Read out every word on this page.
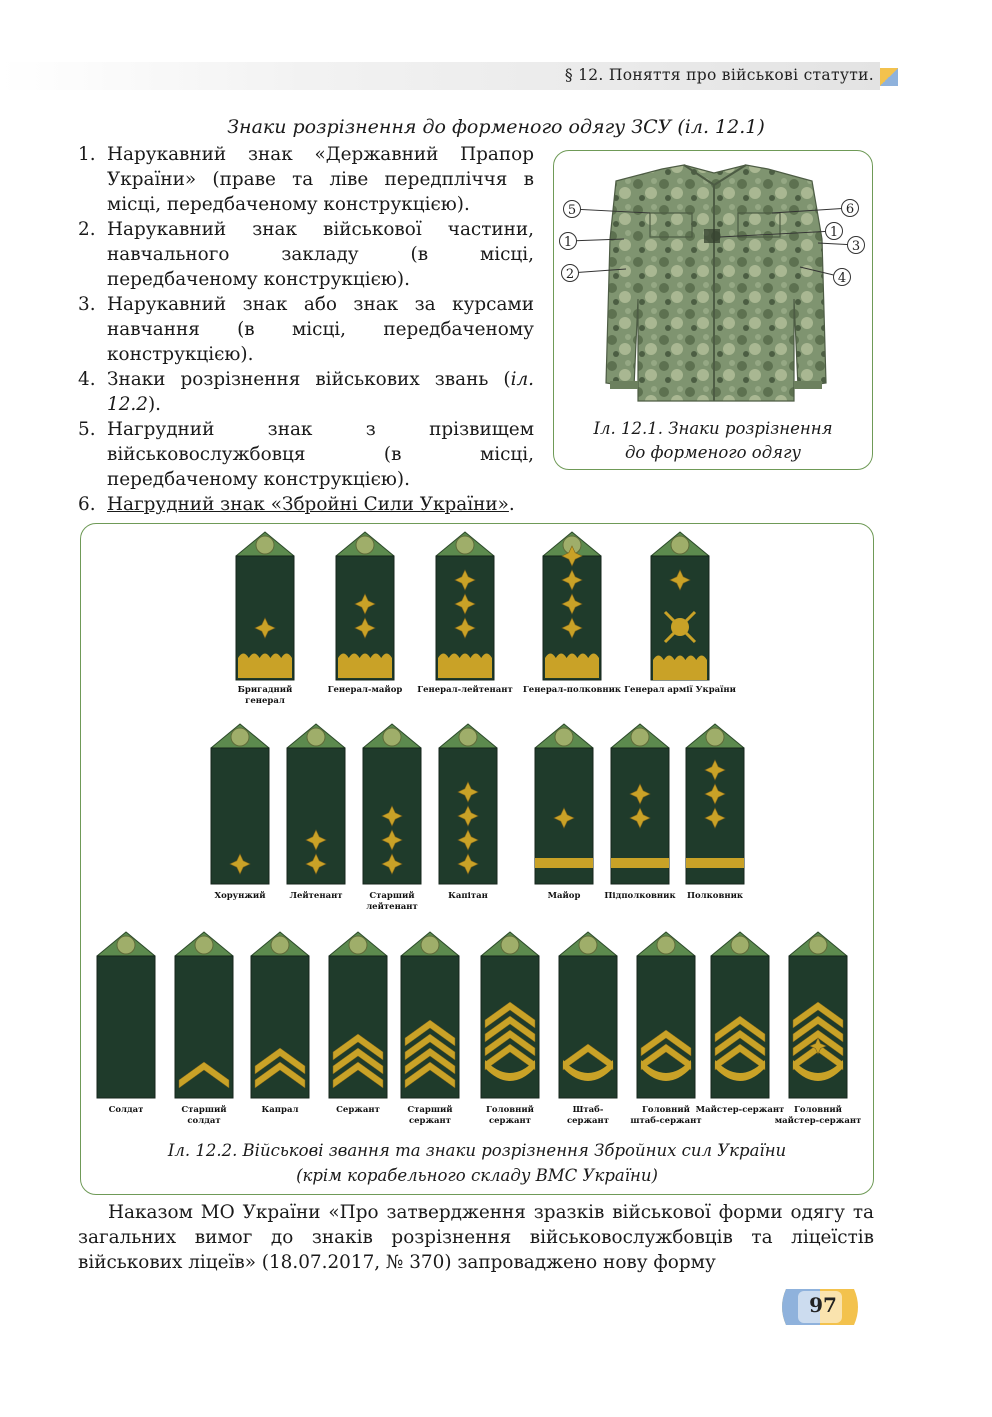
§ 12. Поняття про військові статути.
Знаки розрізнення до форменого одягу ЗСУ (іл. 12.1)
1. Нарукавний знак «Державний Прапор України» (праве та ліве передпліччя в місці, передбаченому конструкцією).
2. Нарукавний знак військової частини, навчального закладу (в місці, передбаченому конструкцією).
3. Нарукавний знак або знак за курсами навчання (в місці, передбаченому конструкцією).
4. Знаки розрізнення військових звань (іл. 12.2).
5. Нагрудний знак з прізвищем військовослужбовця (в місці, передбаченому конструкцією).
6. Нагрудний знак «Збройні Сили України».
5
1
2
6
1
3
4
Іл. 12.1. Знаки розрізнення
до форменого одягу
Бригадний
генерал
Генерал-майор Генерал-лейтенант Генерал-полковник Генерал армії України
Хорунжий	Лейтенант	Старший
лейтенант
Капітан	Майор	Підполковник Полковник
Солдат	Старший
солдат
Капрал	Сержант	Старший
сержант
Головний
сержант
Штаб-
сержант
Головний
штаб-сержант
Майстер-сержант Головний
майстер-сержант
Іл. 12.2. Військові звання та знаки розрізнення Збройних сил України
(крім корабельного складу ВМС України)
Наказом МО України «Про затвердження зразків військової форми одягу та загальних вимог до знаків розрізнення військовослужбовців та ліцеїстів військових ліцеїв» (18.07.2017, № 370) запроваджено нову форму
97
